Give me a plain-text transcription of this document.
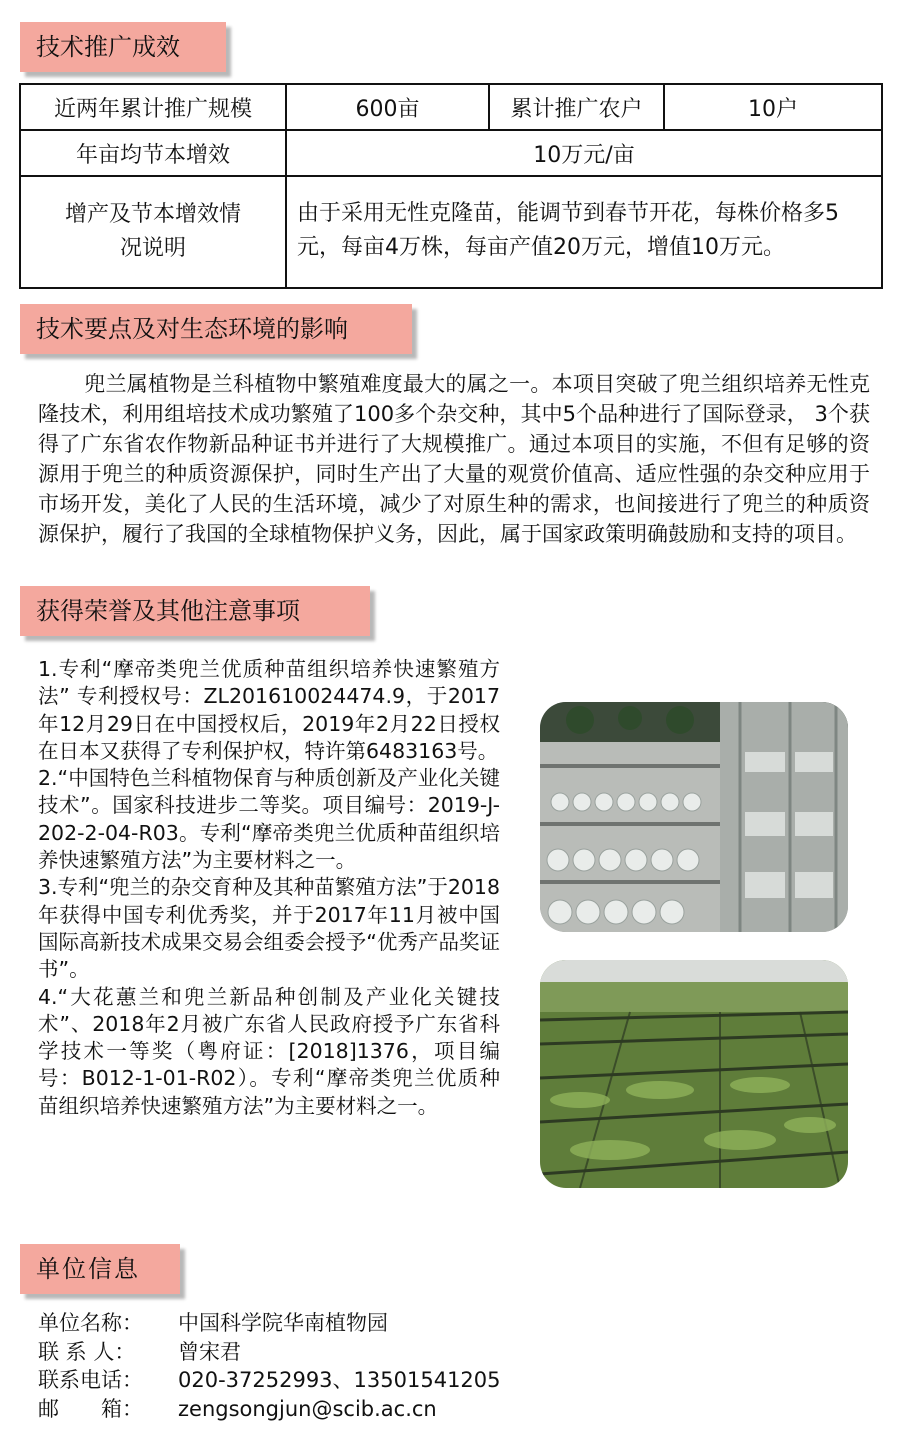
技术推广成效
近两年累计推广规模	600亩	累计推广农户	10户
年亩均节本增效	10万元/亩		
增产及节本增效情况说明	由于采用无性克隆苗，能调节到春节开花，每株价格多5元，每亩4万株，每亩产值20万元，增值10万元。		
技术要点及对生态环境的影响

兜兰属植物是兰科植物中繁殖难度最大的属之一。本项目突破了兜兰组织培养无性克隆技术，利用组培技术成功繁殖了100多个杂交种，其中5个品种进行了国际登录， 3个获得了广东省农作物新品种证书并进行了大规模推广。通过本项目的实施，不但有足够的资源用于兜兰的种质资源保护，同时生产出了大量的观赏价值高、适应性强的杂交种应用于市场开发，美化了人民的生活环境，减少了对原生种的需求，也间接进行了兜兰的种质资源保护，履行了我国的全球植物保护义务，因此，属于国家政策明确鼓励和支持的项目。

获得荣誉及其他注意事项

1.专利“摩帝类兜兰优质种苗组织培养快速繁殖方法” 专利授权号：ZL201610024474.9，于2017年12月29日在中国授权后，2019年2月22日授权在日本又获得了专利保护权，特许第6483163号。

2.“中国特色兰科植物保育与种质创新及产业化关键技术”。国家科技进步二等奖。项目编号：2019-J-202-2-04-R03。专利“摩帝类兜兰优质种苗组织培养快速繁殖方法”为主要材料之一。

3.专利“兜兰的杂交育种及其种苗繁殖方法”于2018年获得中国专利优秀奖，并于2017年11月被中国国际高新技术成果交易会组委会授予“优秀产品奖证书”。

4.“大花蕙兰和兜兰新品种创制及产业化关键技术”、2018年2月被广东省人民政府授予广东省科学技术一等奖（粤府证：[2018]1376，项目编号：B012-1-01-R02）。专利“摩帝类兜兰优质种苗组织培养快速繁殖方法”为主要材料之一。

单位信息
单位名称：	中国科学院华南植物园
联 系 人：	曾宋君
联系电话：	020-37252993、13501541205
邮　　箱：	zengsongjun@scib.ac.cn
